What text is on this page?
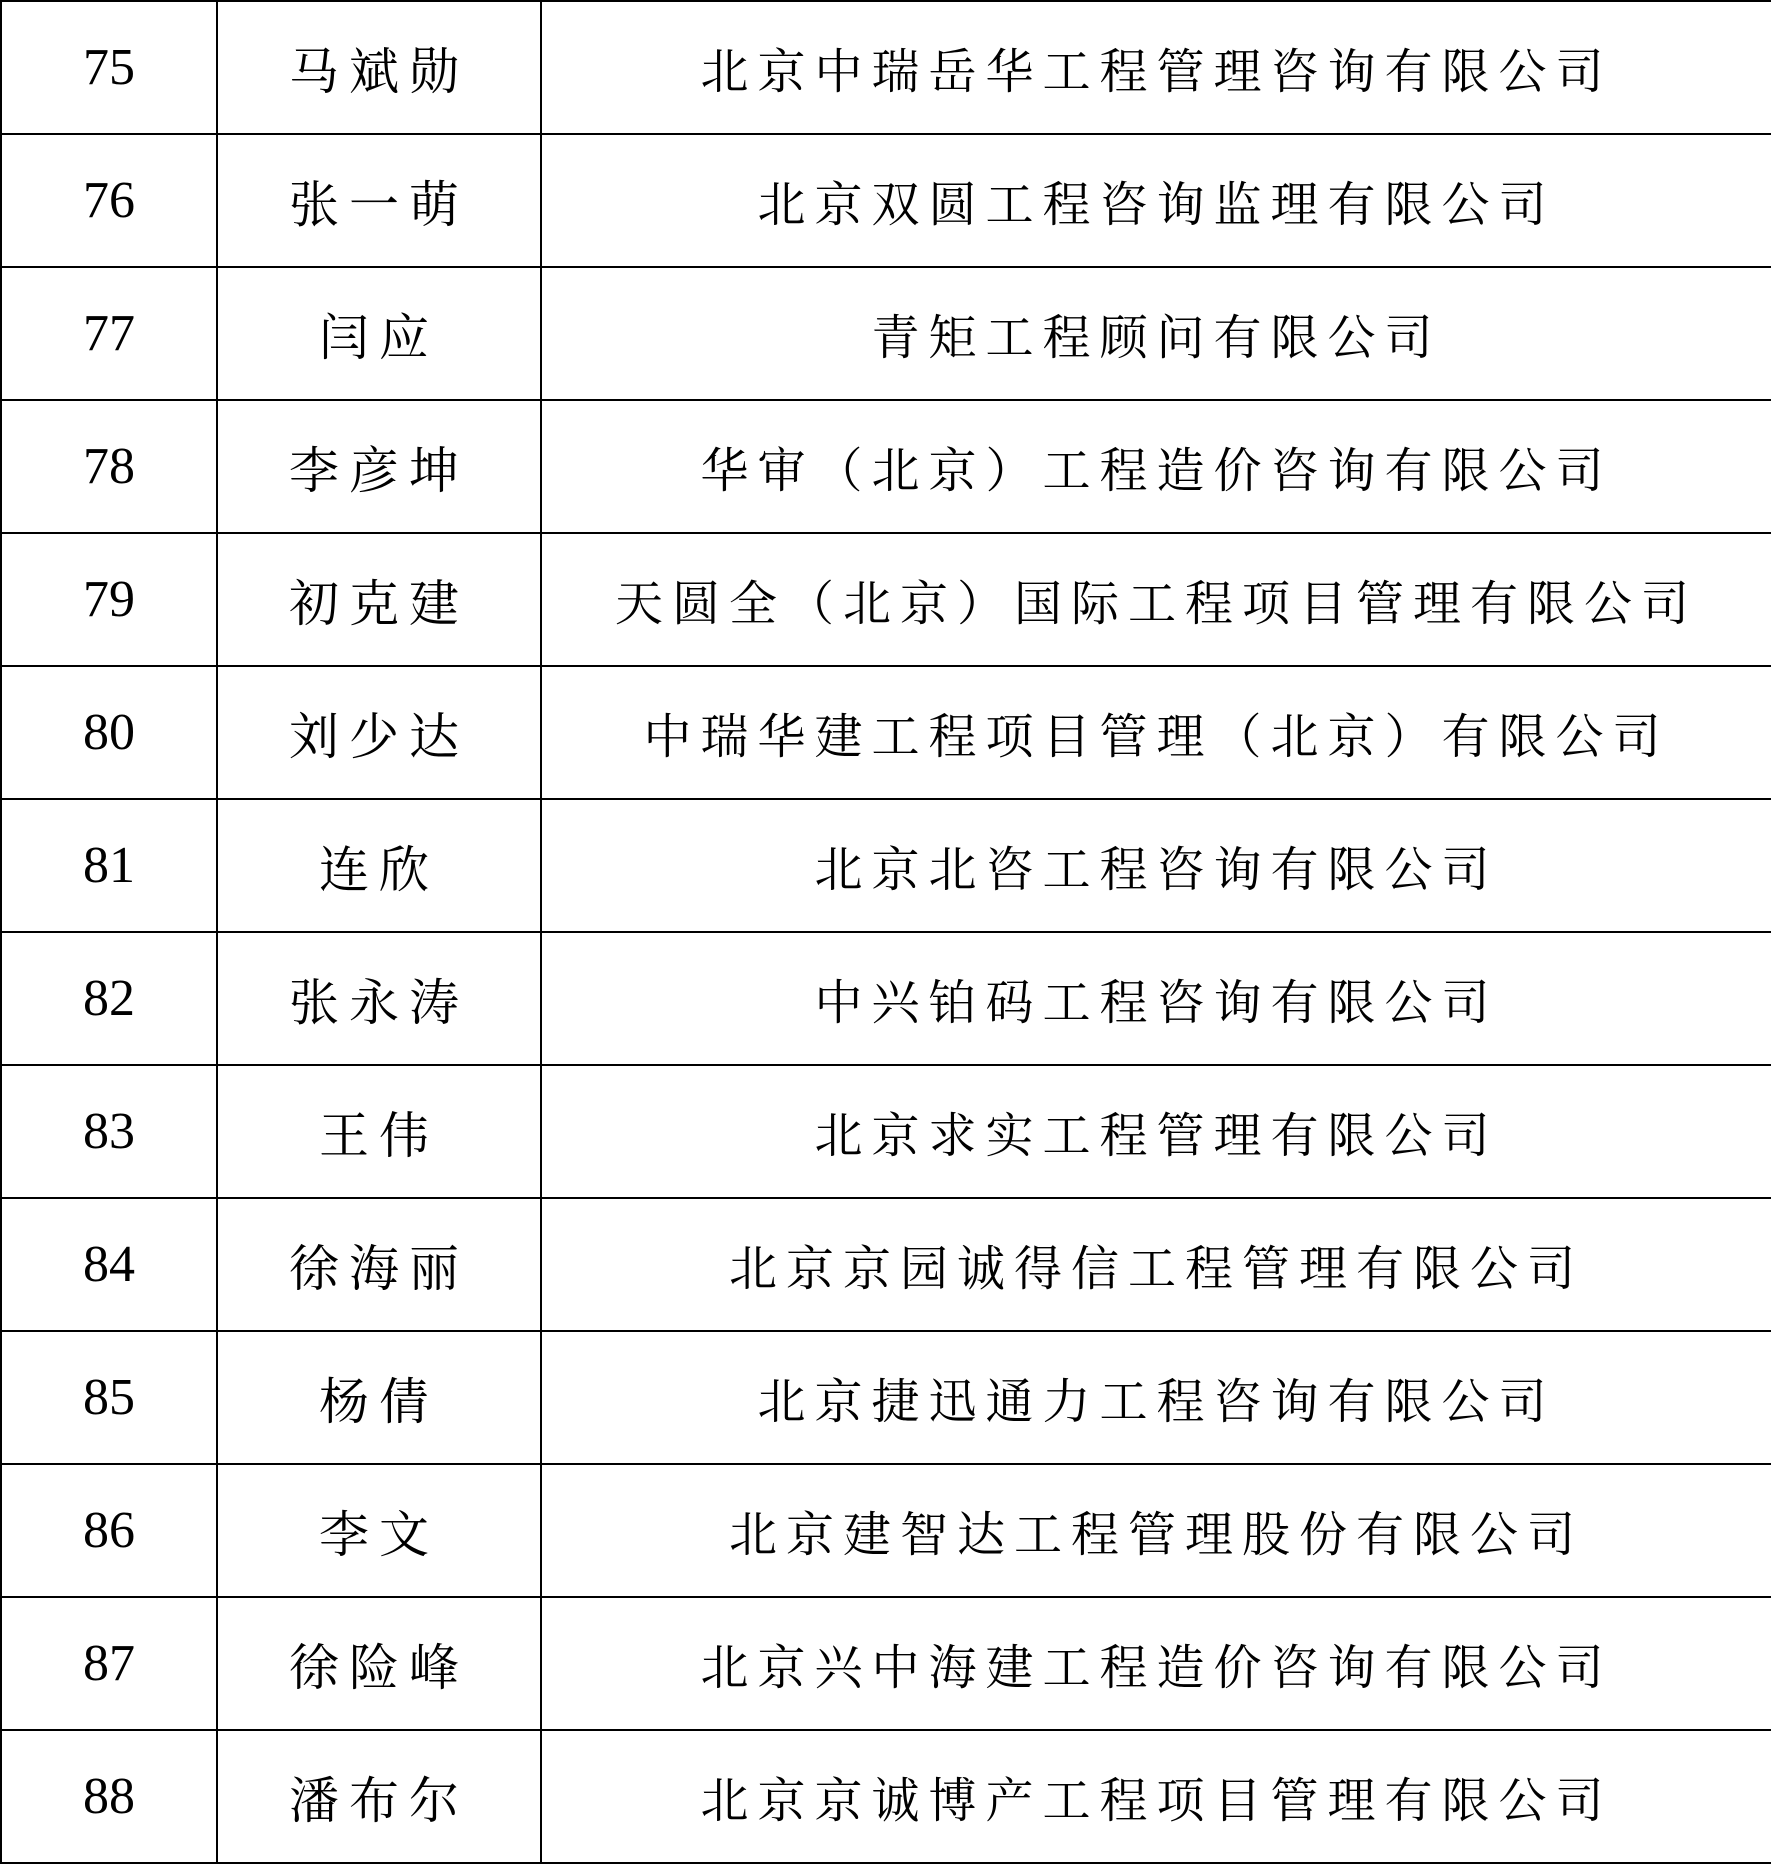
75	马斌勋	北京中瑞岳华工程管理咨询有限公司
76	张一萌	北京双圆工程咨询监理有限公司
77	闫应	青矩工程顾问有限公司
78	李彦坤	华审（北京）工程造价咨询有限公司
79	初克建	天圆全（北京）国际工程项目管理有限公司
80	刘少达	中瑞华建工程项目管理（北京）有限公司
81	连欣	北京北咨工程咨询有限公司
82	张永涛	中兴铂码工程咨询有限公司
83	王伟	北京求实工程管理有限公司
84	徐海丽	北京京园诚得信工程管理有限公司
85	杨倩	北京捷迅通力工程咨询有限公司
86	李文	北京建智达工程管理股份有限公司
87	徐险峰	北京兴中海建工程造价咨询有限公司
88	潘布尔	北京京诚博产工程项目管理有限公司
